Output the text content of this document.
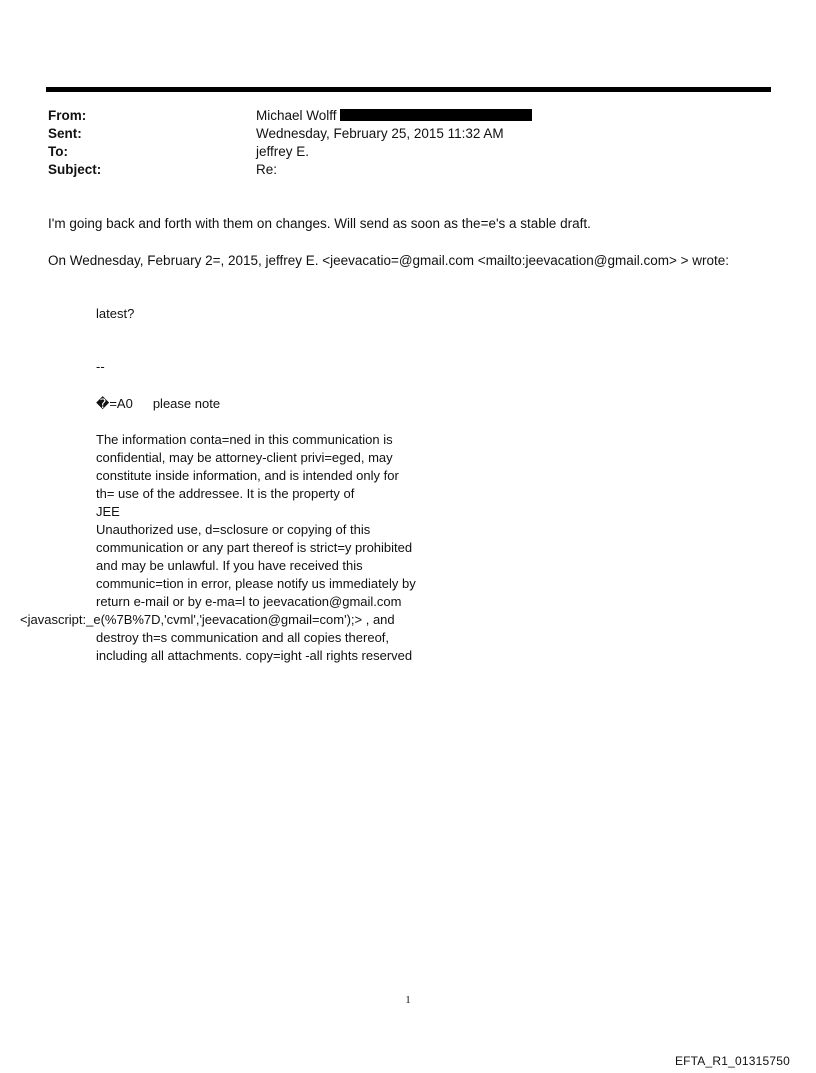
From:	Michael Wolff
Sent:	Wednesday, February 25, 2015 11:32 AM
To:	jeffrey E.
Subject:	Re:
I'm going back and forth with them on changes. Will send as soon as the=e's a stable draft.
On Wednesday, February 2=, 2015, jeffrey E. <jeevacatio=@gmail.com <mailto:jeevacation@gmail.com> > wrote:
latest?
--
�=A0 please note
The information conta=ned in this communication is
confidential, may be attorney-client privi=eged, may
constitute inside information, and is intended only for
th= use of the addressee. It is the property of
JEE
Unauthorized use, d=sclosure or copying of this
communication or any part thereof is strict=y prohibited
and may be unlawful. If you have received this
communic=tion in error, please notify us immediately by
return e-mail or by e-ma=l to jeevacation@gmail.com
<javascript:_e(%7B%7D,'cvml','jeevacation@gmail=com');> , and
destroy th=s communication and all copies thereof,
including all attachments. copy=ight -all rights reserved
1
EFTA_R1_01315750
